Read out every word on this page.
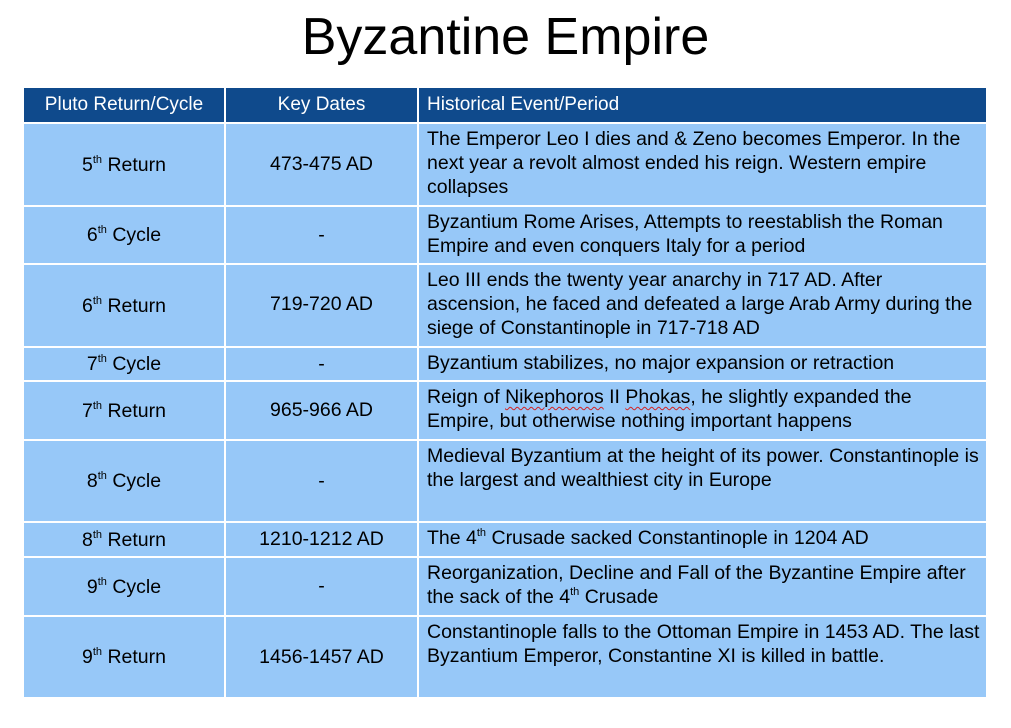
Byzantine Empire
Pluto Return/Cycle	Key Dates	Historical Event/Period
5th Return	473-475 AD	The Emperor Leo I dies and & Zeno becomes Emperor. In the next year a revolt almost ended his reign. Western empire collapses
6th Cycle	-	Byzantium Rome Arises, Attempts to reestablish the Roman Empire and even conquers Italy for a period
6th Return	719-720 AD	Leo III ends the twenty year anarchy in 717 AD. After ascension, he faced and defeated a large Arab Army during the siege of Constantinople in 717-718 AD
7th Cycle	-	Byzantium stabilizes, no major expansion or retraction
7th Return	965-966 AD	Reign of Nikephoros II Phokas, he slightly expanded the Empire, but otherwise nothing important happens
8th Cycle	-	Medieval Byzantium at the height of its power. Constantinople is the largest and wealthiest city in Europe
8th Return	1210-1212 AD	The 4th Crusade sacked Constantinople in 1204 AD
9th Cycle	-	Reorganization, Decline and Fall of the Byzantine Empire after the sack of the 4th Crusade
9th Return	1456-1457 AD	Constantinople falls to the Ottoman Empire in 1453 AD. The last Byzantium Emperor, Constantine XI is killed in battle.
